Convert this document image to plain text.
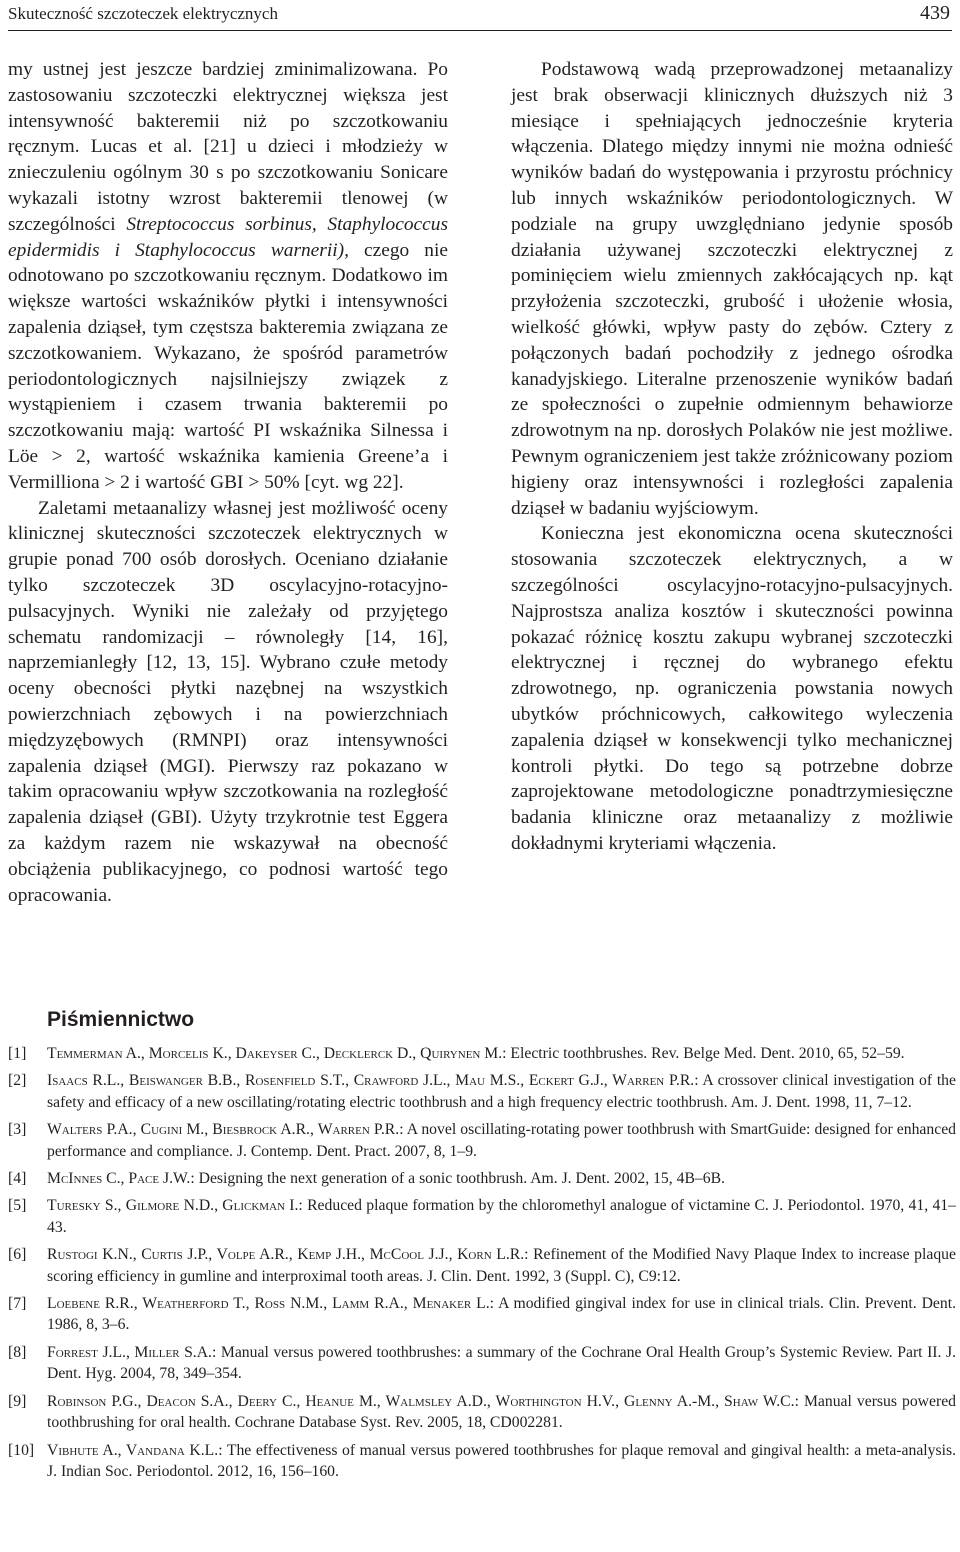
Skuteczność szczoteczek elektrycznych	439

my ustnej jest jeszcze bardziej zminimalizowana. Po zastosowaniu szczoteczki elektrycznej większa jest intensywność bakteremii niż po szczotkowaniu ręcznym. Lucas et al. [21] u dzieci i młodzieży w znieczuleniu ogólnym 30 s po szczotkowaniu Sonicare wykazali istotny wzrost bakteremii tlenowej (w szczególności Streptococcus sorbinus, Staphylococcus epidermidis i Staphylococcus warnerii), czego nie odnotowano po szczotkowaniu ręcznym. Dodatkowo im większe wartości wskaźników płytki i intensywności zapalenia dziąseł, tym częstsza bakteremia związana ze szczotkowaniem. Wykazano, że spośród parametrów periodontologicznych najsilniejszy związek z wystąpieniem i czasem trwania bakteremii po szczotkowaniu mają: wartość PI wskaźnika Silnessa i Löe > 2, wartość wskaźnika kamienia Greene’a i Vermilliona > 2 i wartość GBI > 50% [cyt. wg 22].

Zaletami metaanalizy własnej jest możliwość oceny klinicznej skuteczności szczoteczek elektrycznych w grupie ponad 700 osób dorosłych. Oceniano działanie tylko szczoteczek 3D oscylacyjno-rotacyjno-pulsacyjnych. Wyniki nie zależały od przyjętego schematu randomizacji – równoległy [14, 16], naprzemianległy [12, 13, 15]. Wybrano czułe metody oceny obecności płytki nazębnej na wszystkich powierzchniach zębowych i na powierzchniach międzyzębowych (RMNPI) oraz intensywności zapalenia dziąseł (MGI). Pierwszy raz pokazano w takim opracowaniu wpływ szczotkowania na rozległość zapalenia dziąseł (GBI). Użyty trzykrotnie test Eggera za każdym razem nie wskazywał na obecność obciążenia publikacyjnego, co podnosi wartość tego opracowania.

Podstawową wadą przeprowadzonej metaanalizy jest brak obserwacji klinicznych dłuższych niż 3 miesiące i spełniających jednocześnie kryteria włączenia. Dlatego między innymi nie można odnieść wyników badań do występowania i przyrostu próchnicy lub innych wskaźników periodontologicznych. W podziale na grupy uwzględniano jedynie sposób działania używanej szczoteczki elektrycznej z pominięciem wielu zmiennych zakłócających np. kąt przyłożenia szczoteczki, grubość i ułożenie włosia, wielkość główki, wpływ pasty do zębów. Cztery z połączonych badań pochodziły z jednego ośrodka kanadyjskiego. Literalne przenoszenie wyników badań ze społeczności o zupełnie odmiennym behawiorze zdrowotnym na np. dorosłych Polaków nie jest możliwe. Pewnym ograniczeniem jest także zróżnicowany poziom higieny oraz intensywności i rozległości zapalenia dziąseł w badaniu wyjściowym.

Konieczna jest ekonomiczna ocena skuteczności stosowania szczoteczek elektrycznych, a w szczególności oscylacyjno-rotacyjno-pulsacyjnych. Najprostsza analiza kosztów i skuteczności powinna pokazać różnicę kosztu zakupu wybranej szczoteczki elektrycznej i ręcznej do wybranego efektu zdrowotnego, np. ograniczenia powstania nowych ubytków próchnicowych, całkowitego wyleczenia zapalenia dziąseł w konsekwencji tylko mechanicznej kontroli płytki. Do tego są potrzebne dobrze zaprojektowane metodologiczne ponadtrzymiesięczne badania kliniczne oraz metaanalizy z możliwie dokładnymi kryteriami włączenia.

Piśmiennictwo
[1] Temmerman A., Morcelis K., Dakeyser C., Decklerck D., Quirynen M.: Electric toothbrushes. Rev. Belge Med. Dent. 2010, 65, 52–59.
[2] Isaacs R.L., Beiswanger B.B., Rosenfield S.T., Crawford J.L., Mau M.S., Eckert G.J., Warren P.R.: A crossover clinical investigation of the safety and efficacy of a new oscillating/rotating electric toothbrush and a high frequency electric toothbrush. Am. J. Dent. 1998, 11, 7–12.
[3] Walters P.A., Cugini M., Biesbrock A.R., Warren P.R.: A novel oscillating-rotating power toothbrush with SmartGuide: designed for enhanced performance and compliance. J. Contemp. Dent. Pract. 2007, 8, 1–9.
[4] McInnes C., Pace J.W.: Designing the next generation of a sonic toothbrush. Am. J. Dent. 2002, 15, 4B–6B.
[5] Turesky S., Gilmore N.D., Glickman I.: Reduced plaque formation by the chloromethyl analogue of victamine C. J. Periodontol. 1970, 41, 41–43.
[6] Rustogi K.N., Curtis J.P., Volpe A.R., Kemp J.H., McCool J.J., Korn L.R.: Refinement of the Modified Navy Plaque Index to increase plaque scoring efficiency in gumline and interproximal tooth areas. J. Clin. Dent. 1992, 3 (Suppl. C), C9:12.
[7] Loebene R.R., Weatherford T., Ross N.M., Lamm R.A., Menaker L.: A modified gingival index for use in clinical trials. Clin. Prevent. Dent. 1986, 8, 3–6.
[8] Forrest J.L., Miller S.A.: Manual versus powered toothbrushes: a summary of the Cochrane Oral Health Group’s Systemic Review. Part II. J. Dent. Hyg. 2004, 78, 349–354.
[9] Robinson P.G., Deacon S.A., Deery C., Heanue M., Walmsley A.D., Worthington H.V., Glenny A.-M., Shaw W.C.: Manual versus powered toothbrushing for oral health. Cochrane Database Syst. Rev. 2005, 18, CD002281.
[10] Vibhute A., Vandana K.L.: The effectiveness of manual versus powered toothbrushes for plaque removal and gingival health: a meta-analysis. J. Indian Soc. Periodontol. 2012, 16, 156–160.
